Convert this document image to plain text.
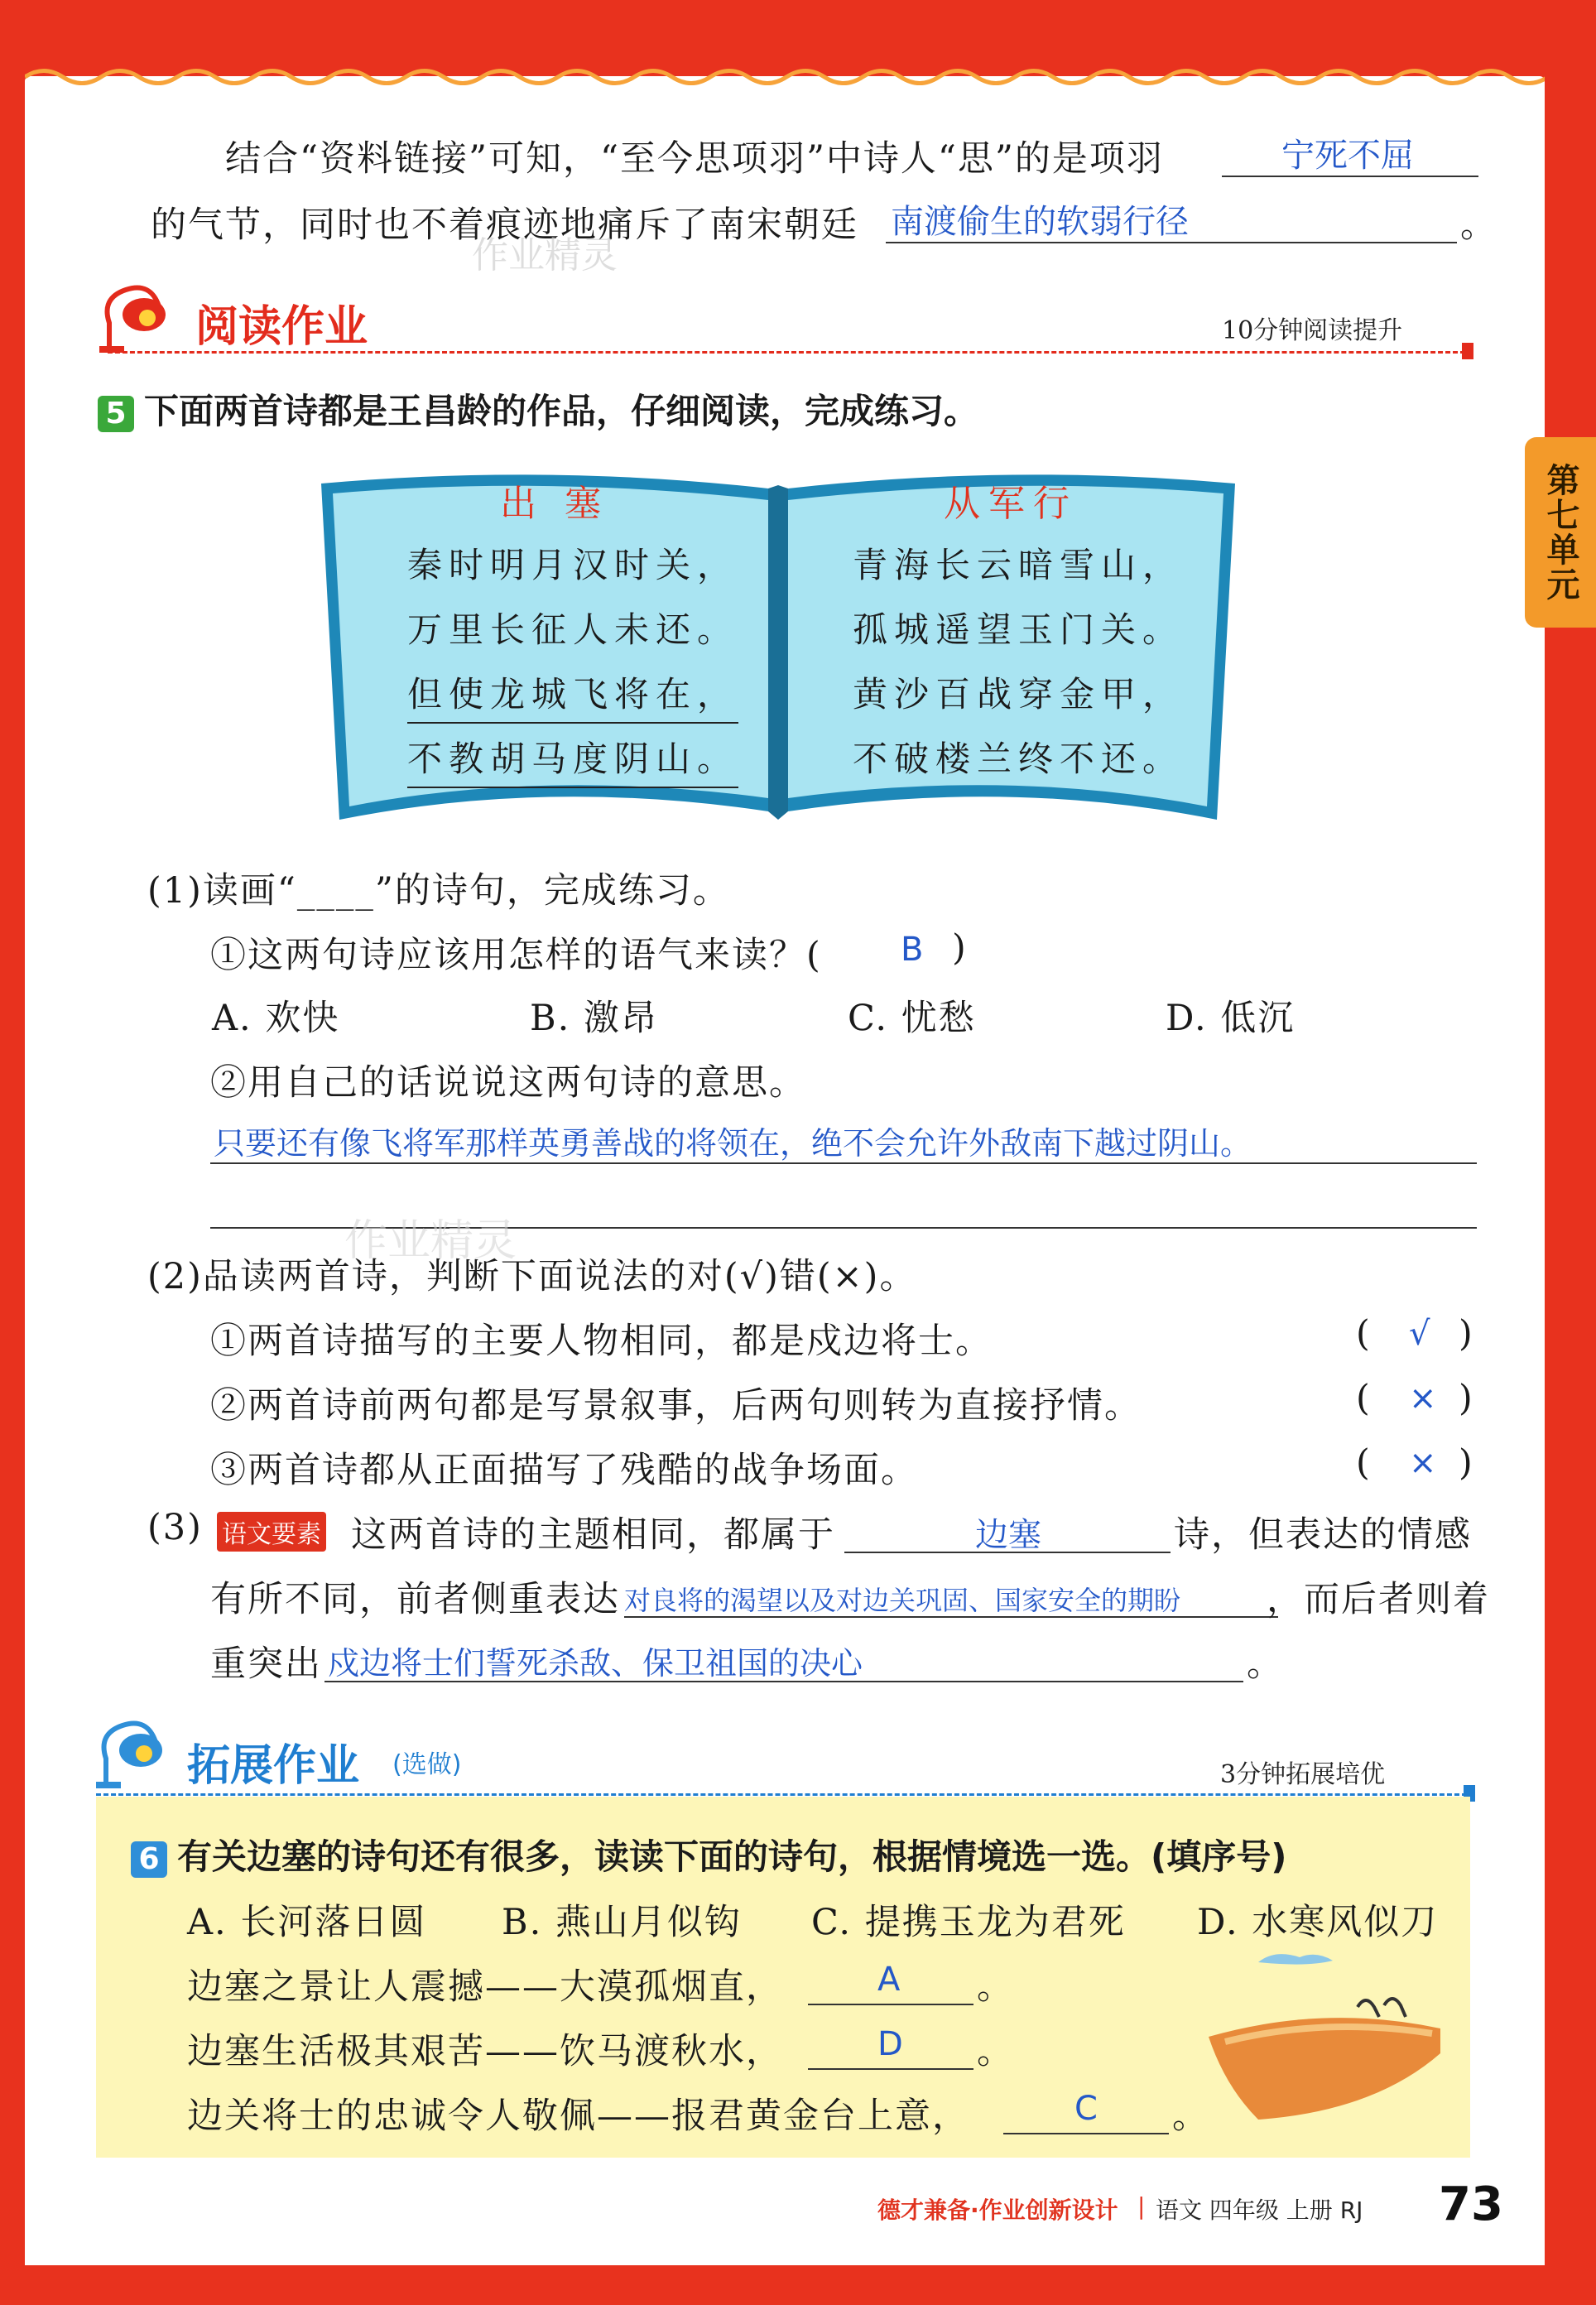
第七单元
结合“资料链接”可知，“至今思项羽”中诗人“思”的是项羽	宁死不屈
的气节，同时也不着痕迹地痛斥了南宋朝廷 南渡偷生的软弱行径	。
作业精灵
阅读作业	10分钟阅读提升
5 下面两首诗都是王昌龄的作品，仔细阅读，完成练习。
出 塞
秦时明月汉时关，
万里长征人未还。
但使龙城飞将在，
不教胡马度阴山。
从军行
青海长云暗雪山，
孤城遥望玉门关。
黄沙百战穿金甲，
不破楼兰终不还。
(1)读画“____”的诗句，完成练习。
①这两句诗应该用怎样的语气来读？( B )
A. 欢快	B. 激昂	C. 忧愁	D. 低沉
②用自己的话说说这两句诗的意思。
只要还有像飞将军那样英勇善战的将领在，绝不会允许外敌南下越过阴山。
作业精灵
(2)品读两首诗，判断下面说法的对(√)错(×)。
①两首诗描写的主要人物相同，都是戍边将士。	( √ )
②两首诗前两句都是写景叙事，后两句则转为直接抒情。	( × )
③两首诗都从正面描写了残酷的战争场面。	( × )
(3) 语文要素 这两首诗的主题相同，都属于	边塞	诗，但表达的情感
有所不同，前者侧重表达 对良将的渴望以及对边关巩固、国家安全的期盼 ，而后者则着
重突出 戍边将士们誓死杀敌、保卫祖国的决心	。
拓展作业 (选做)	3分钟拓展培优
6 有关边塞的诗句还有很多，读读下面的诗句，根据情境选一选。(填序号)
A. 长河落日圆 B. 燕山月似钩 C. 提携玉龙为君死 D. 水寒风似刀
边塞之景让人震撼——大漠孤烟直，	A 。
边塞生活极其艰苦——饮马渡秋水，	D 。
边关将士的忠诚令人敬佩——报君黄金台上意，	C 。
德才兼备·作业创新设计 | 语文 四年级 上册 RJ 73
